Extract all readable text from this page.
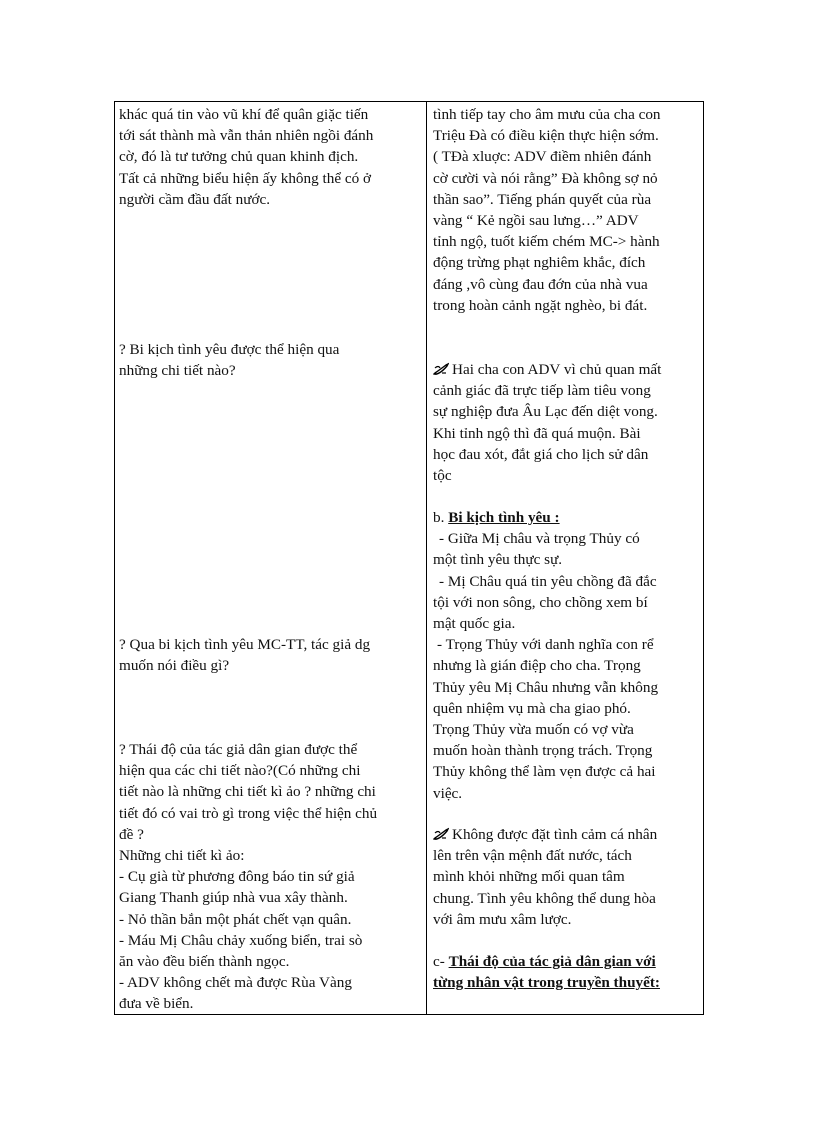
khác quá tin vào vũ khí để quân giặc tiến
tới sát thành mà vẫn thản nhiên ngồi đánh
cờ, đó là tư tưởng chủ quan khinh địch.
Tất cả những biểu hiện ấy không thể có ở
người cầm đầu đất nước.
? Bi kịch tình yêu được thể hiện qua
những chi tiết nào?
? Qua bi kịch tình yêu MC-TT, tác giả dg
muốn nói điều gì?
? Thái độ của tác giả dân gian được thể
hiện qua các chi tiết nào?(Có những chi
tiết nào là những chi tiết kì ảo ? những chi
tiết đó có vai trò gì trong việc thể hiện chủ
đề ?
Những chi tiết kì ảo:
- Cụ già từ phương đông báo tin sứ giả
Giang Thanh giúp nhà vua xây thành.
- Nỏ thần bắn một phát chết vạn quân.
- Máu Mị Châu chảy xuống biển, trai sò
ăn vào đều biến thành ngọc.
- ADV không chết mà được Rùa Vàng
đưa về biển.
tình tiếp tay cho âm mưu của cha con
Triệu Đà có điều kiện thực hiện sớm.
( TĐà xluợc: ADV điềm nhiên đánh
cờ cười và nói rằng” Đà không sợ nỏ
thần sao”. Tiếng phán quyết của rùa
vàng “ Kẻ ngồi sau lưng…” ADV
tỉnh ngộ, tuốt kiếm chém MC-> hành
động trừng phạt nghiêm khắc, đích
đáng ,vô cùng đau đớn của nhà vua
trong hoàn cảnh ngặt nghèo, bi đát.
Hai cha con ADV vì chủ quan mất
cảnh giác đã trực tiếp làm tiêu vong
sự nghiệp đưa Âu Lạc đến diệt vong.
Khi tỉnh ngộ thì đã quá muộn. Bài
học đau xót, đắt giá cho lịch sử dân
tộc
b. Bi kịch tình yêu :
- Giữa Mị châu và trọng Thủy có
một tình yêu thực sự.
- Mị Châu quá tin yêu chồng đã đắc
tội với non sông, cho chồng xem bí
mật quốc gia.
- Trọng Thủy với danh nghĩa con rể
nhưng là gián điệp cho cha. Trọng
Thủy yêu Mị Châu nhưng vẫn không
quên nhiệm vụ mà cha giao phó.
Trọng Thủy vừa muốn có vợ vừa
muốn hoàn thành trọng trách. Trọng
Thủy không thể làm vẹn được cả hai
việc.
Không được đặt tình cảm cá nhân
lên trên vận mệnh đất nước, tách
mình khỏi những mối quan tâm
chung. Tình yêu không thể dung hòa
với âm mưu xâm lược.
c- Thái độ của tác giả dân gian với
từng nhân vật trong truyền thuyết:
